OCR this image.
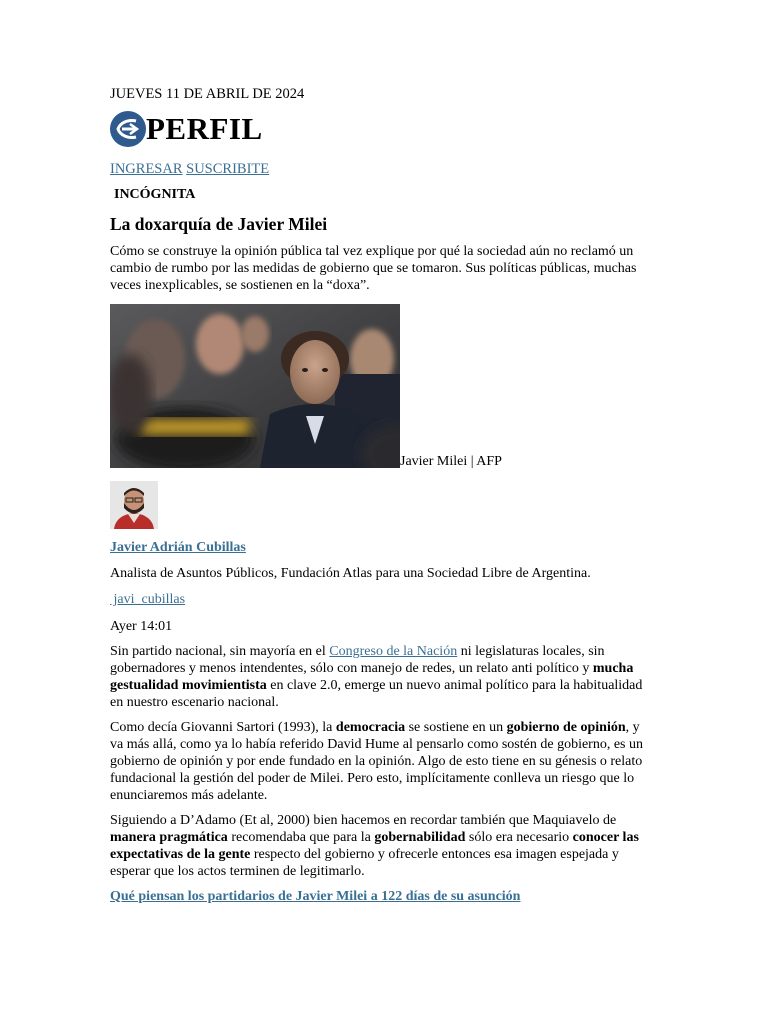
JUEVES 11 DE ABRIL DE 2024
PERFIL
INGRESAR SUSCRIBITE
INCÓGNITA
La doxarquía de Javier Milei

Cómo se construye la opinión pública tal vez explique por qué la sociedad aún no reclamó un cambio de rumbo por las medidas de gobierno que se tomaron. Sus políticas públicas, muchas veces inexplicables, se sostienen en la “doxa”.

Javier Milei | AFP
Javier Adrián Cubillas
Analista de Asuntos Públicos, Fundación Atlas para una Sociedad Libre de Argentina.
javi_cubillas
Ayer 14:01

Sin partido nacional, sin mayoría en el Congreso de la Nación ni legislaturas locales, sin gobernadores y menos intendentes, sólo con manejo de redes, un relato anti político y mucha gestualidad movimientista en clave 2.0, emerge un nuevo animal político para la habitualidad en nuestro escenario nacional.

Como decía Giovanni Sartori (1993), la democracia se sostiene en un gobierno de opinión, y va más allá, como ya lo había referido David Hume al pensarlo como sostén de gobierno, es un gobierno de opinión y por ende fundado en la opinión. Algo de esto tiene en su génesis o relato fundacional la gestión del poder de Milei. Pero esto, implícitamente conlleva un riesgo que lo enunciaremos más adelante.

Siguiendo a D’Adamo (Et al, 2000) bien hacemos en recordar también que Maquiavelo de manera pragmática recomendaba que para la gobernabilidad sólo era necesario conocer las expectativas de la gente respecto del gobierno y ofrecerle entonces esa imagen espejada y esperar que los actos terminen de legitimarlo.

Qué piensan los partidarios de Javier Milei a 122 días de su asunción
